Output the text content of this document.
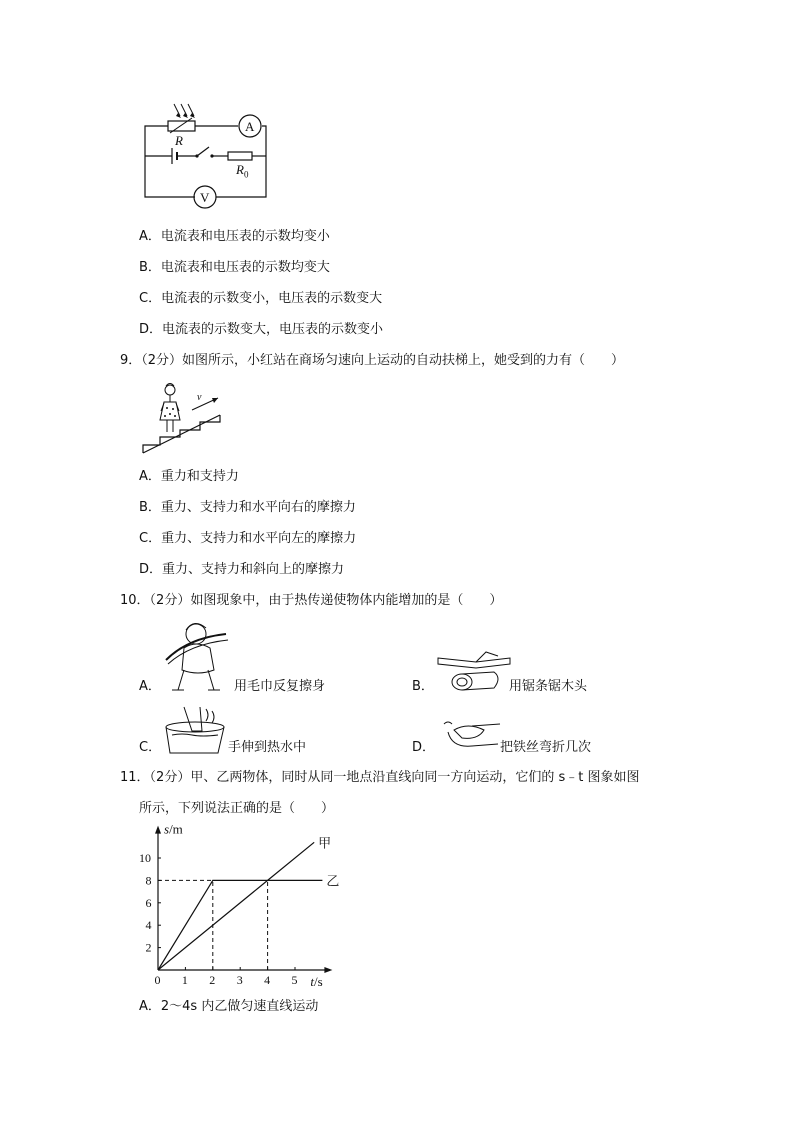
A
V
R
$R_0$
A．电流表和电压表的示数均变小
B．电流表和电压表的示数均变大
C．电流表的示数变小，电压表的示数变大
D．电流表的示数变大，电压表的示数变小
9．（2分）如图所示，小红站在商场匀速向上运动的自动扶梯上，她受到的力有（　　）
v
A．重力和支持力
B．重力、支持力和水平向右的摩擦力
C．重力、支持力和水平向左的摩擦力
D．重力、支持力和斜向上的摩擦力
10．（2分）如图现象中，由于热传递使物体内能增加的是（　　）
A．	用毛巾反复擦身	B．	用锯条锯木头
C．	手伸到热水中	D．	把铁丝弯折几次
11．（2分）甲、乙两物体，同时从同一地点沿直线向同一方向运动，它们的 s﹣t 图象如图
所示，下列说法正确的是（　　）
0 1 2 3 4 5
2
4
6
8
10
t/s
s/m
甲
乙
A．2～4s 内乙做匀速直线运动
